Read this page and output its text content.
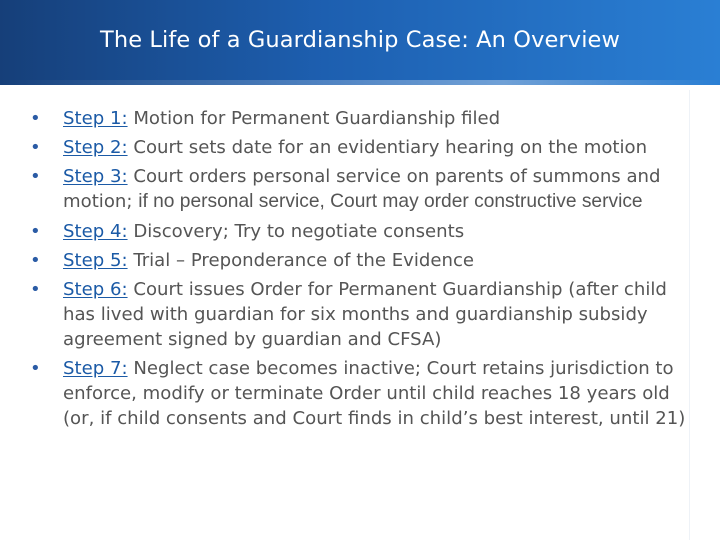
The Life of a Guardianship Case: An Overview
• Step 1: Motion for Permanent Guardianship filed
• Step 2: Court sets date for an evidentiary hearing on the motion
• Step 3: Court orders personal service on parents of summons and motion; if no personal service, Court may order constructive service
• Step 4: Discovery; Try to negotiate consents
• Step 5: Trial – Preponderance of the Evidence
• Step 6: Court issues Order for Permanent Guardianship (after child has lived with guardian for six months and guardianship subsidy agreement signed by guardian and CFSA)
• Step 7: Neglect case becomes inactive; Court retains jurisdiction to enforce, modify or terminate Order until child reaches 18 years old (or, if child consents and Court finds in child’s best interest, until 21)
